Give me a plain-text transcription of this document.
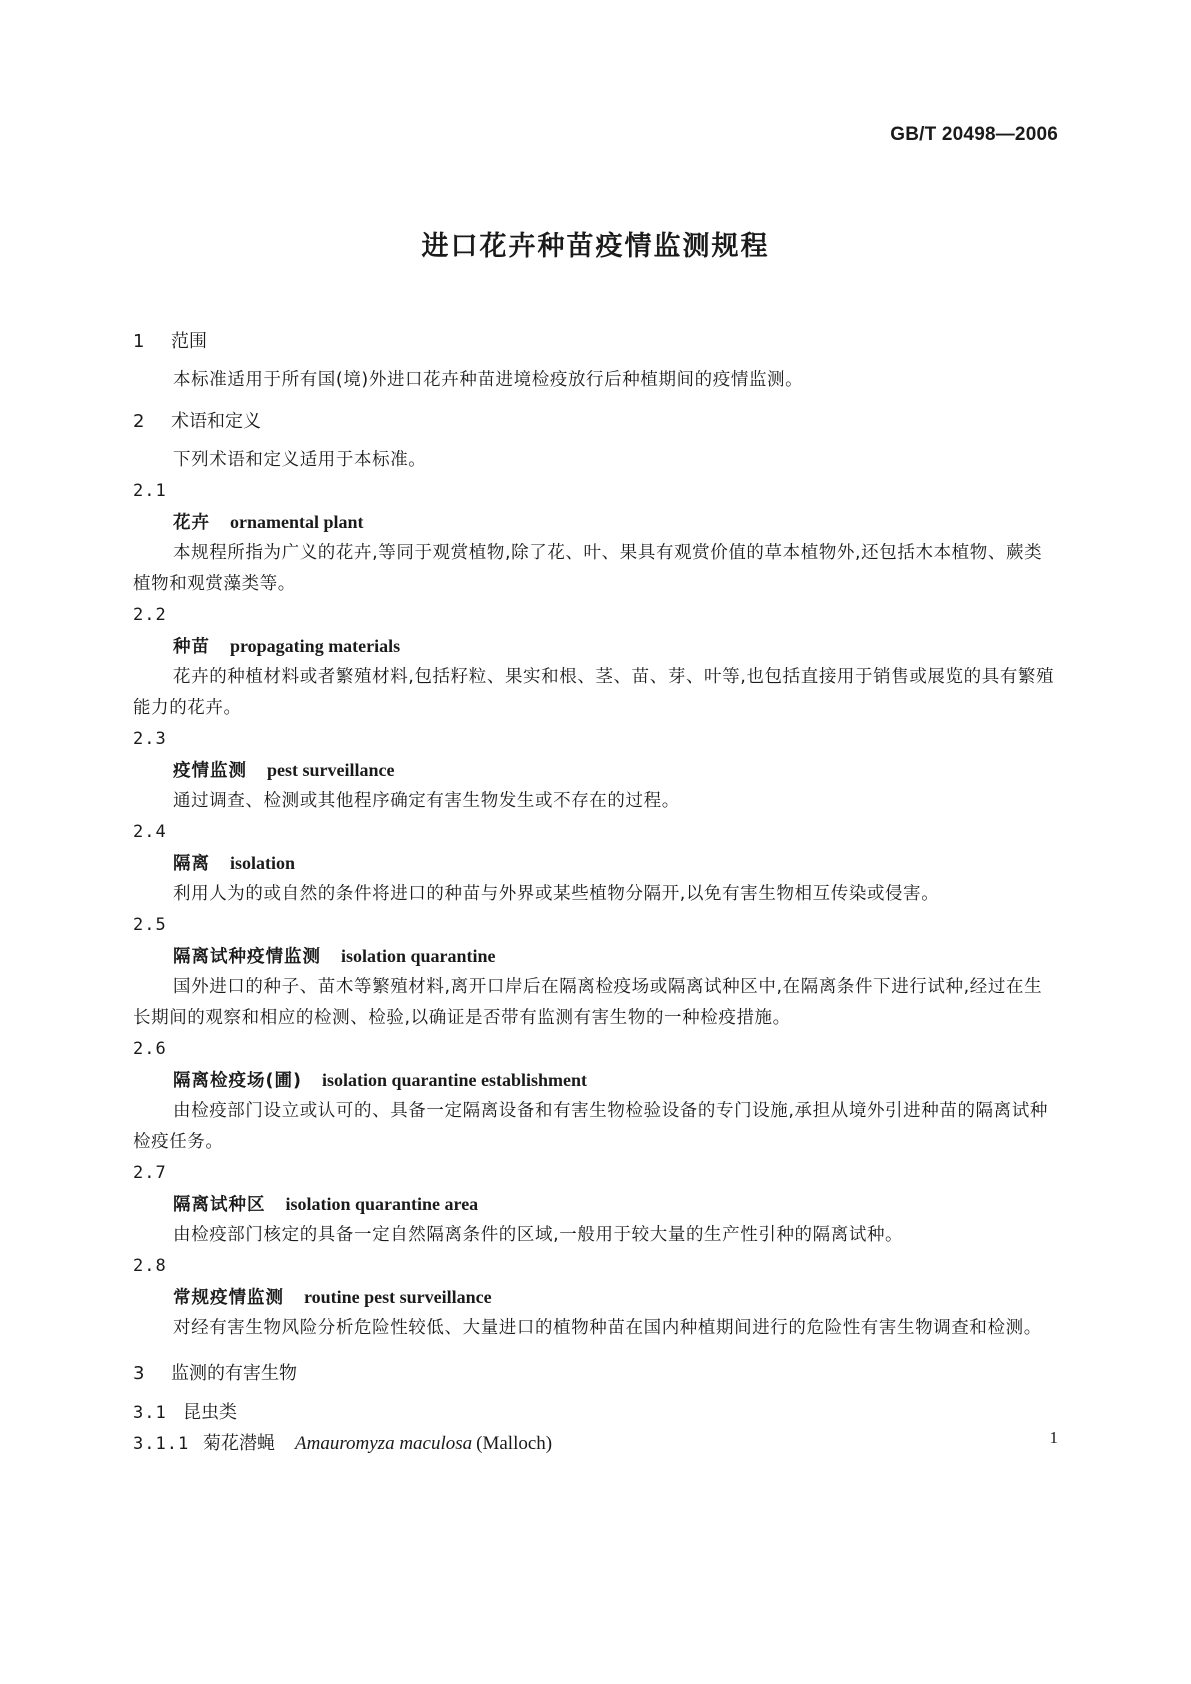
GB/T 20498—2006
进口花卉种苗疫情监测规程
1 范围
本标准适用于所有国(境)外进口花卉种苗进境检疫放行后种植期间的疫情监测。
2 术语和定义
下列术语和定义适用于本标准。
2.1
花卉 ornamental plant
本规程所指为广义的花卉,等同于观赏植物,除了花、叶、果具有观赏价值的草本植物外,还包括木本植物、蕨类植物和观赏藻类等。
2.2
种苗 propagating materials
花卉的种植材料或者繁殖材料,包括籽粒、果实和根、茎、苗、芽、叶等,也包括直接用于销售或展览的具有繁殖能力的花卉。
2.3
疫情监测 pest surveillance
通过调查、检测或其他程序确定有害生物发生或不存在的过程。
2.4
隔离 isolation
利用人为的或自然的条件将进口的种苗与外界或某些植物分隔开,以免有害生物相互传染或侵害。
2.5
隔离试种疫情监测 isolation quarantine
国外进口的种子、苗木等繁殖材料,离开口岸后在隔离检疫场或隔离试种区中,在隔离条件下进行试种,经过在生长期间的观察和相应的检测、检验,以确证是否带有监测有害生物的一种检疫措施。
2.6
隔离检疫场(圃) isolation quarantine establishment
由检疫部门设立或认可的、具备一定隔离设备和有害生物检验设备的专门设施,承担从境外引进种苗的隔离试种检疫任务。
2.7
隔离试种区 isolation quarantine area
由检疫部门核定的具备一定自然隔离条件的区域,一般用于较大量的生产性引种的隔离试种。
2.8
常规疫情监测 routine pest surveillance
对经有害生物风险分析危险性较低、大量进口的植物种苗在国内种植期间进行的危险性有害生物调查和检测。
3 监测的有害生物
3.1 昆虫类
3.1.1 菊花潜蝇 Amauromyza maculosa (Malloch)	1
